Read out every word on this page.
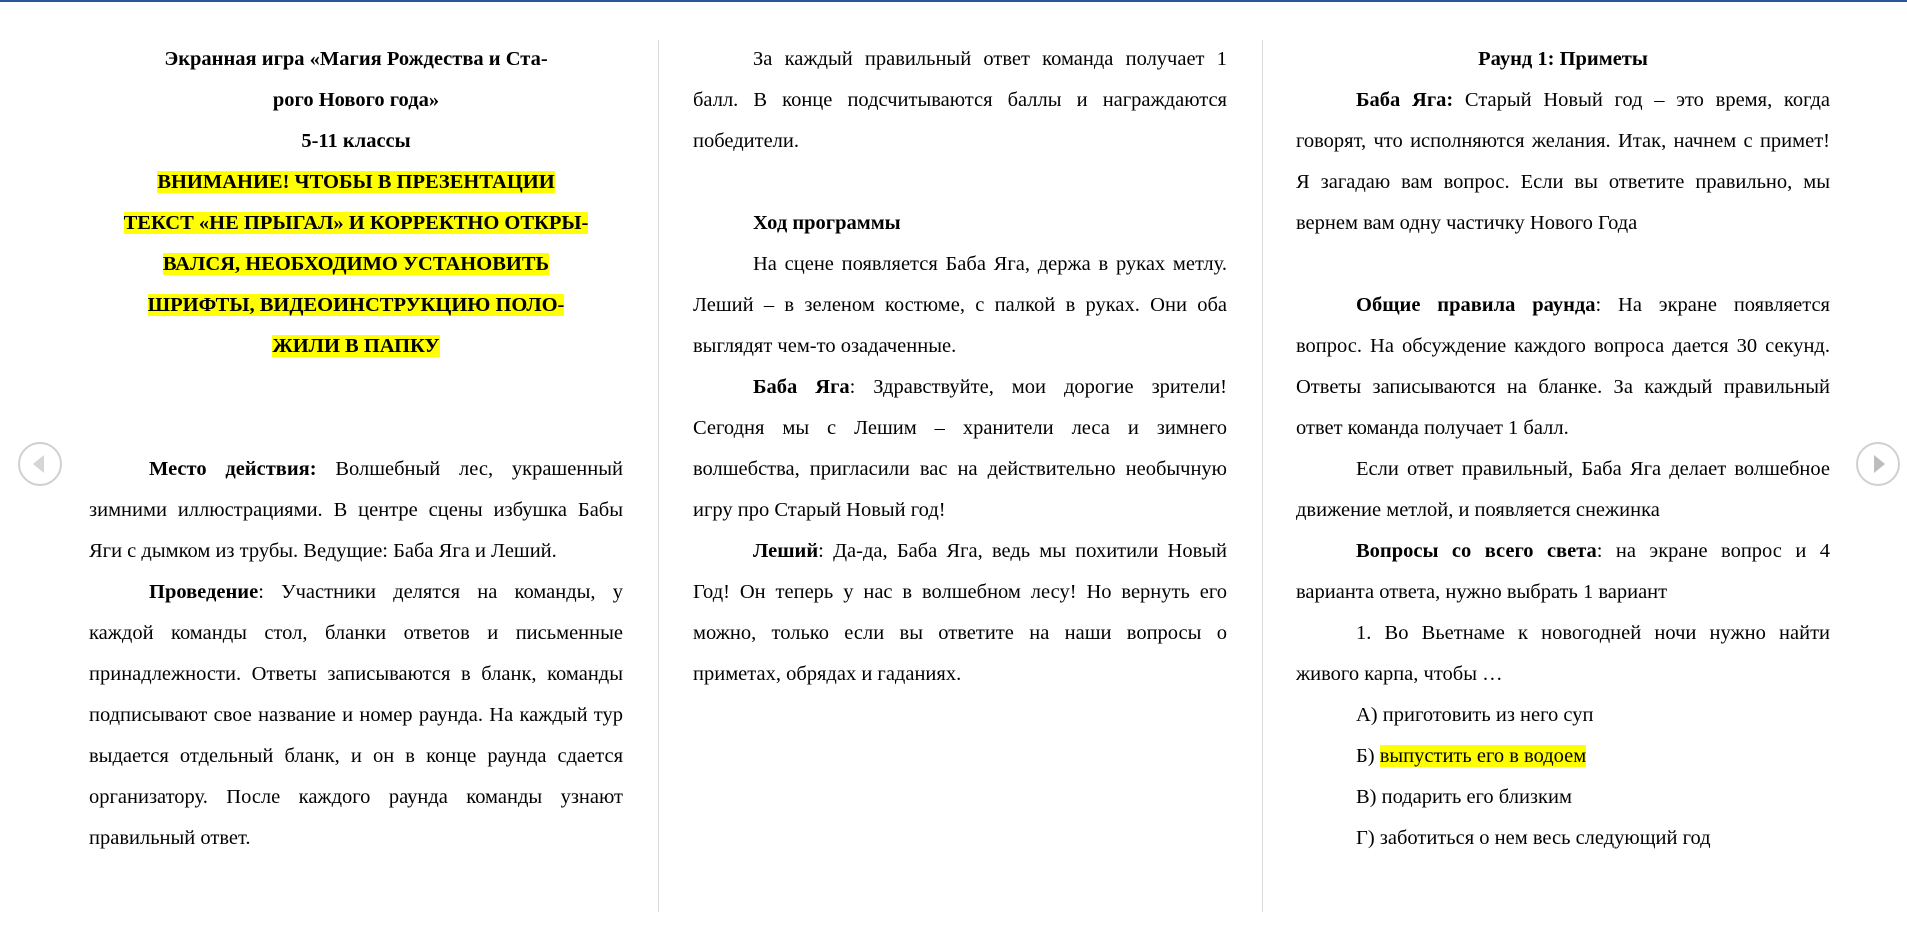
Экранная игра «Магия Рождества и Ста-

рого Нового года»

5-11 классы

ВНИМАНИЕ! ЧТОБЫ В ПРЕЗЕНТАЦИИ

ТЕКСТ «НЕ ПРЫГАЛ» И КОРРЕКТНО ОТКРЫ-

ВАЛСЯ, НЕОБХОДИМО УСТАНОВИТЬ

ШРИФТЫ, ВИДЕОИНСТРУКЦИЮ ПОЛО-

ЖИЛИ В ПАПКУ

Место действия: Волшебный лес, украшенный зимними иллюстрациями. В центре сцены избушка Бабы Яги с дымком из трубы. Ведущие: Баба Яга и Леший.

Проведение: Участники делятся на команды, у каждой команды стол, бланки ответов и письменные принадлежности. Ответы записываются в бланк, команды подписывают свое название и номер раунда. На каждый тур выдается отдельный бланк, и он в конце раунда сдается организатору. После каждого раунда команды узнают правильный ответ.

За каждый правильный ответ команда получает 1 балл. В конце подсчитываются баллы и награждаются победители.

Ход программы

На сцене появляется Баба Яга, держа в руках метлу. Леший – в зеленом костюме, с палкой в руках. Они оба выглядят чем-то озадаченные.

Баба Яга: Здравствуйте, мои дорогие зрители! Сегодня мы с Лешим – хранители леса и зимнего волшебства, пригласили вас на действительно необычную игру про Старый Новый год!

Леший: Да-да, Баба Яга, ведь мы похитили Новый Год! Он теперь у нас в волшебном лесу! Но вернуть его можно, только если вы ответите на наши вопросы о приметах, обрядах и гаданиях.

Раунд 1: Приметы

Баба Яга: Старый Новый год – это время, когда говорят, что исполняются желания. Итак, начнем с примет! Я загадаю вам вопрос. Если вы ответите правильно, мы вернем вам одну частичку Нового Года

Общие правила раунда: На экране появляется вопрос. На обсуждение каждого вопроса дается 30 секунд. Ответы записываются на бланке. За каждый правильный ответ команда получает 1 балл.

Если ответ правильный, Баба Яга делает волшебное движение метлой, и появляется снежинка

Вопросы со всего света: на экране вопрос и 4 варианта ответа, нужно выбрать 1 вариант

1. Во Вьетнаме к новогодней ночи нужно найти живого карпа, чтобы …

А) приготовить из него суп

Б) выпустить его в водоем

В) подарить его близким

Г) заботиться о нем весь следующий год
